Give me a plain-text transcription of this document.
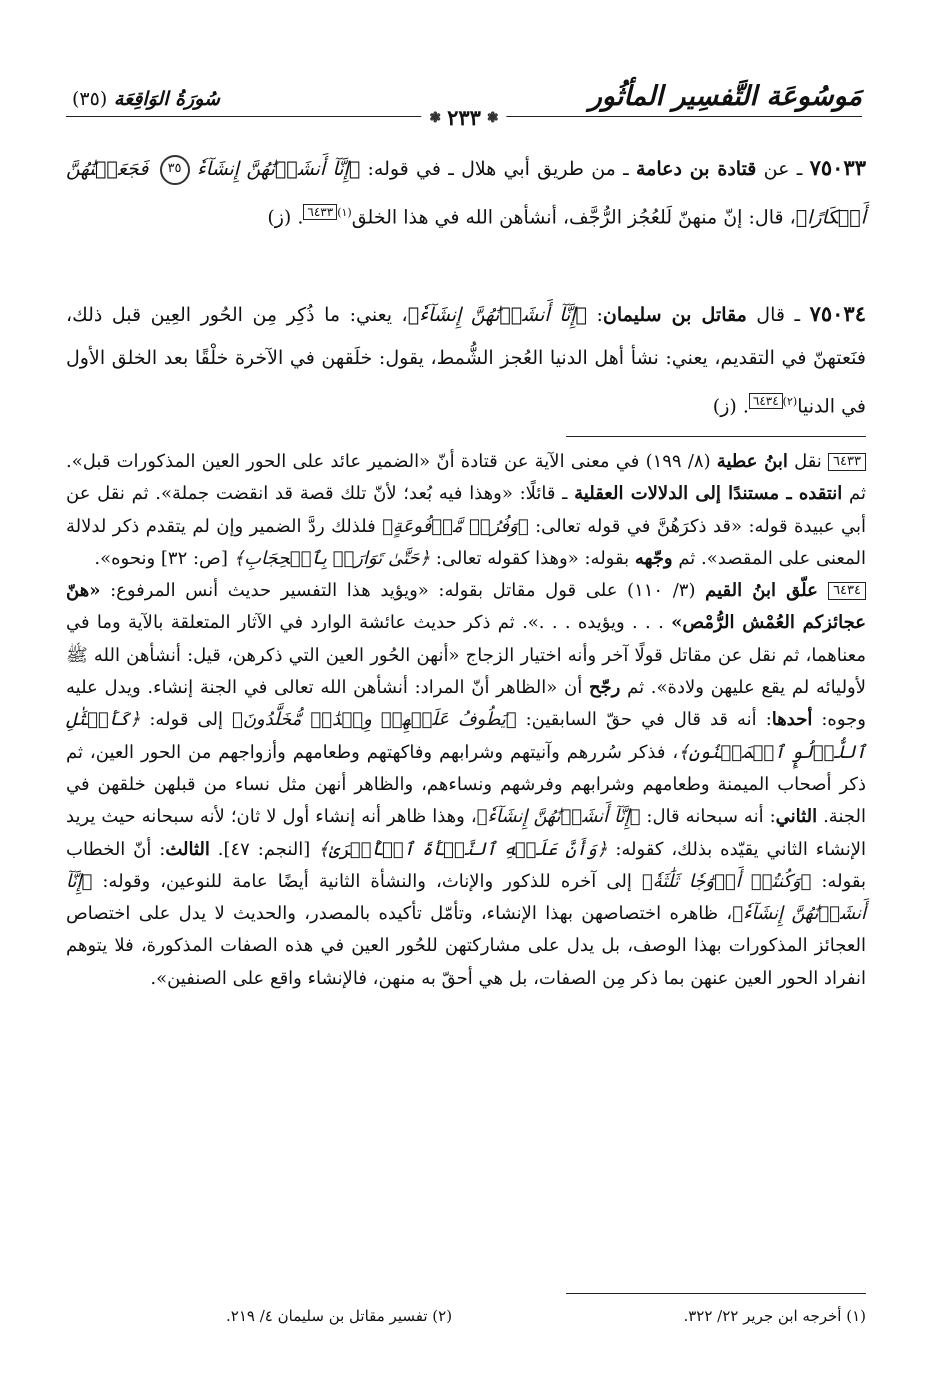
مَوسُوعَة التَّفسِير المأثُور
سُورَةُ الوَاقِعَة (٣٥)
❃
٢٣٣
❃
٧٥٠٣٣ ـ عن قتادة بن دعامة ـ من طريق أبي هلال ـ في قوله: ﴿إِنَّآ أَنشَأۡنَٰهُنَّ إِنشَآءٗ ٣٥ فَجَعَلۡنَٰهُنَّ أَبۡكَارًا﴾، قال: إنّ منهنّ لَلعُجُز الرُّجَّف، أنشأهن الله في هذا الخلق$^{(١)}$٦٤٣٣. (ز)
٧٥٠٣٤ ـ قال مقاتل بن سليمان: ﴿إِنَّآ أَنشَأۡنَٰهُنَّ إِنشَآءٗ﴾، يعني: ما ذُكِر مِن الحُور العِين قبل ذلك، فنَعتهنّ في التقديم، يعني: نشأ أهل الدنيا العُجز الشُّمط، يقول: خلَقهن في الآخرة خلْقًا بعد الخلق الأول في الدنيا$^{(٢)}$٦٤٣٤. (ز)
٦٤٣٣ نقل ابنُ عطية (٨/ ١٩٩) في معنى الآية عن قتادة أنّ «الضمير عائد على الحور العين المذكورات قبل». ثم انتقده ـ مستندًا إلى الدلالات العقلية ـ قائلًا: «وهذا فيه بُعد؛ لأنّ تلك قصة قد انقضت جملة». ثم نقل عن أبي عبيدة قوله: «قد ذكرَهُنَّ في قوله تعالى: ﴿وَفُرُشٖ مَّرۡفُوعَةٍ﴾ فلذلك ردَّ الضمير وإن لم يتقدم ذكر لدلالة المعنى على المقصد». ثم وجّهه بقوله: «وهذا كقوله تعالى: ﴿حَتَّىٰ تَوَارَتۡ بِٱلۡحِجَابِ﴾ [ص: ٣٢] ونحوه».
٦٤٣٤ علّق ابنُ القيم (٣/ ١١٠) على قول مقاتل بقوله: «ويؤيد هذا التفسير حديث أنس المرفوع: «هنّ عجائزكم العُمْش الرُّمْص» . . . ويؤيده . . .». ثم ذكر حديث عائشة الوارد في الآثار المتعلقة بالآية وما في معناهما، ثم نقل عن مقاتل قولًا آخر وأنه اختيار الزجاج «أنهن الحُور العين التي ذكرهن، قيل: أنشأهن الله ﷺ لأوليائه لم يقع عليهن ولادة». ثم رجّح أن «الظاهر أنّ المراد: أنشأهن الله تعالى في الجنة إنشاء. ويدل عليه وجوه: أحدها: أنه قد قال في حقّ السابقين: ﴿يَطُوفُ عَلَيۡهِمۡ وِلۡدَٰنٞ مُّخَلَّدُونَ﴾ إلى قوله: ﴿كَأَمۡثَٰلِ ٱللُّؤۡلُوِٕ ٱلۡمَكۡنُونِ﴾، فذكر سُررهم وآنيتهم وشرابهم وفاكهتهم وطعامهم وأزواجهم من الحور العين، ثم ذكر أصحاب الميمنة وطعامهم وشرابهم وفرشهم ونساءهم، والظاهر أنهن مثل نساء من قبلهن خلقهن في الجنة. الثاني: أنه سبحانه قال: ﴿إِنَّآ أَنشَأۡنَٰهُنَّ إِنشَآءٗ﴾، وهذا ظاهر أنه إنشاء أول لا ثان؛ لأنه سبحانه حيث يريد الإنشاء الثاني يقيّده بذلك، كقوله: ﴿وَأَنَّ عَلَيۡهِ ٱلنَّشۡأَةَ ٱلۡأُخۡرَىٰ﴾ [النجم: ٤٧]. الثالث: أنّ الخطاب بقوله: ﴿وَكُنتُمۡ أَزۡوَٰجٗا ثَلَٰثَةٗ﴾ إلى آخره للذكور والإناث، والنشأة الثانية أيضًا عامة للنوعين، وقوله: ﴿إِنَّآ أَنشَأۡنَٰهُنَّ إِنشَآءٗ﴾، ظاهره اختصاصهن بهذا الإنشاء، وتأمّل تأكيده بالمصدر، والحديث لا يدل على اختصاص العجائز المذكورات بهذا الوصف، بل يدل على مشاركتهن للحُور العين في هذه الصفات المذكورة، فلا يتوهم انفراد الحور العين عنهن بما ذكر مِن الصفات، بل هي أحقّ به منهن، فالإنشاء واقع على الصنفين».
(١) أخرجه ابن جرير ٢٢/ ٣٢٢.
(٢) تفسير مقاتل بن سليمان ٤/ ٢١٩.
